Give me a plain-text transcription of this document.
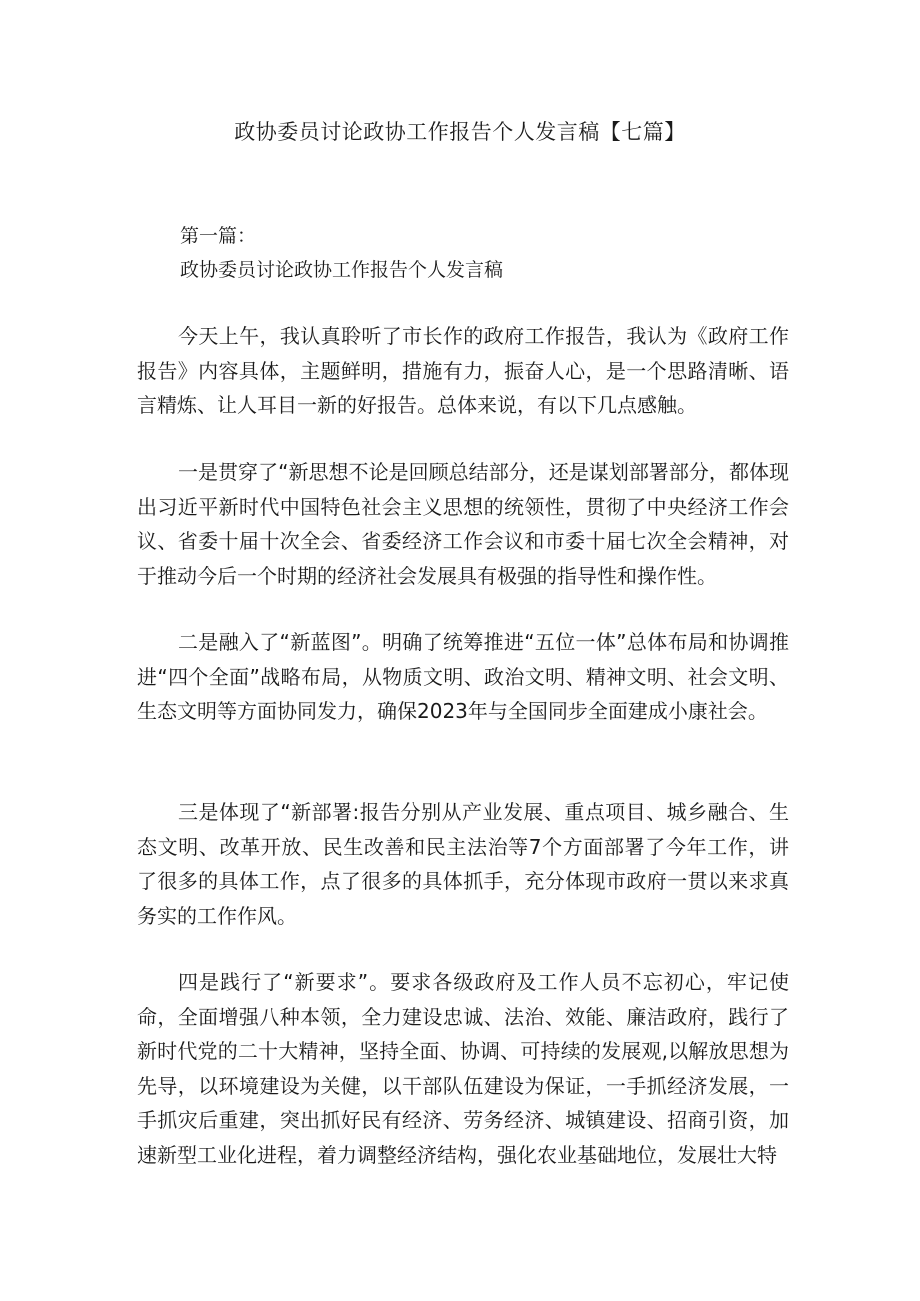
政协委员讨论政协工作报告个人发言稿【七篇】

第一篇：

政协委员讨论政协工作报告个人发言稿

今天上午，我认真聆听了市长作的政府工作报告，我认为《政府工作报告》内容具体，主题鲜明，措施有力，振奋人心，是一个思路清晰、语言精炼、让人耳目一新的好报告。总体来说，有以下几点感触。

一是贯穿了“新思想不论是回顾总结部分，还是谋划部署部分，都体现出习近平新时代中国特色社会主义思想的统领性，贯彻了中央经济工作会议、省委十届十次全会、省委经济工作会议和市委十届七次全会精神，对于推动今后一个时期的经济社会发展具有极强的指导性和操作性。

二是融入了“新蓝图”。明确了统筹推进“五位一体”总体布局和协调推进“四个全面”战略布局，从物质文明、政治文明、精神文明、社会文明、生态文明等方面协同发力，确保2023年与全国同步全面建成小康社会。

三是体现了“新部署:报告分别从产业发展、重点项目、城乡融合、生态文明、改革开放、民生改善和民主法治等7个方面部署了今年工作，讲了很多的具体工作，点了很多的具体抓手，充分体现市政府一贯以来求真务实的工作作风。

四是践行了“新要求”。要求各级政府及工作人员不忘初心，牢记使命，全面增强八种本领，全力建设忠诚、法治、效能、廉洁政府，践行了新时代党的二十大精神，坚持全面、协调、可持续的发展观,以解放思想为先导，以环境建设为关健，以干部队伍建设为保证，一手抓经济发展，一手抓灾后重建，突出抓好民有经济、劳务经济、城镇建设、招商引资，加速新型工业化进程，着力调整经济结构，强化农业基础地位，发展壮大特
